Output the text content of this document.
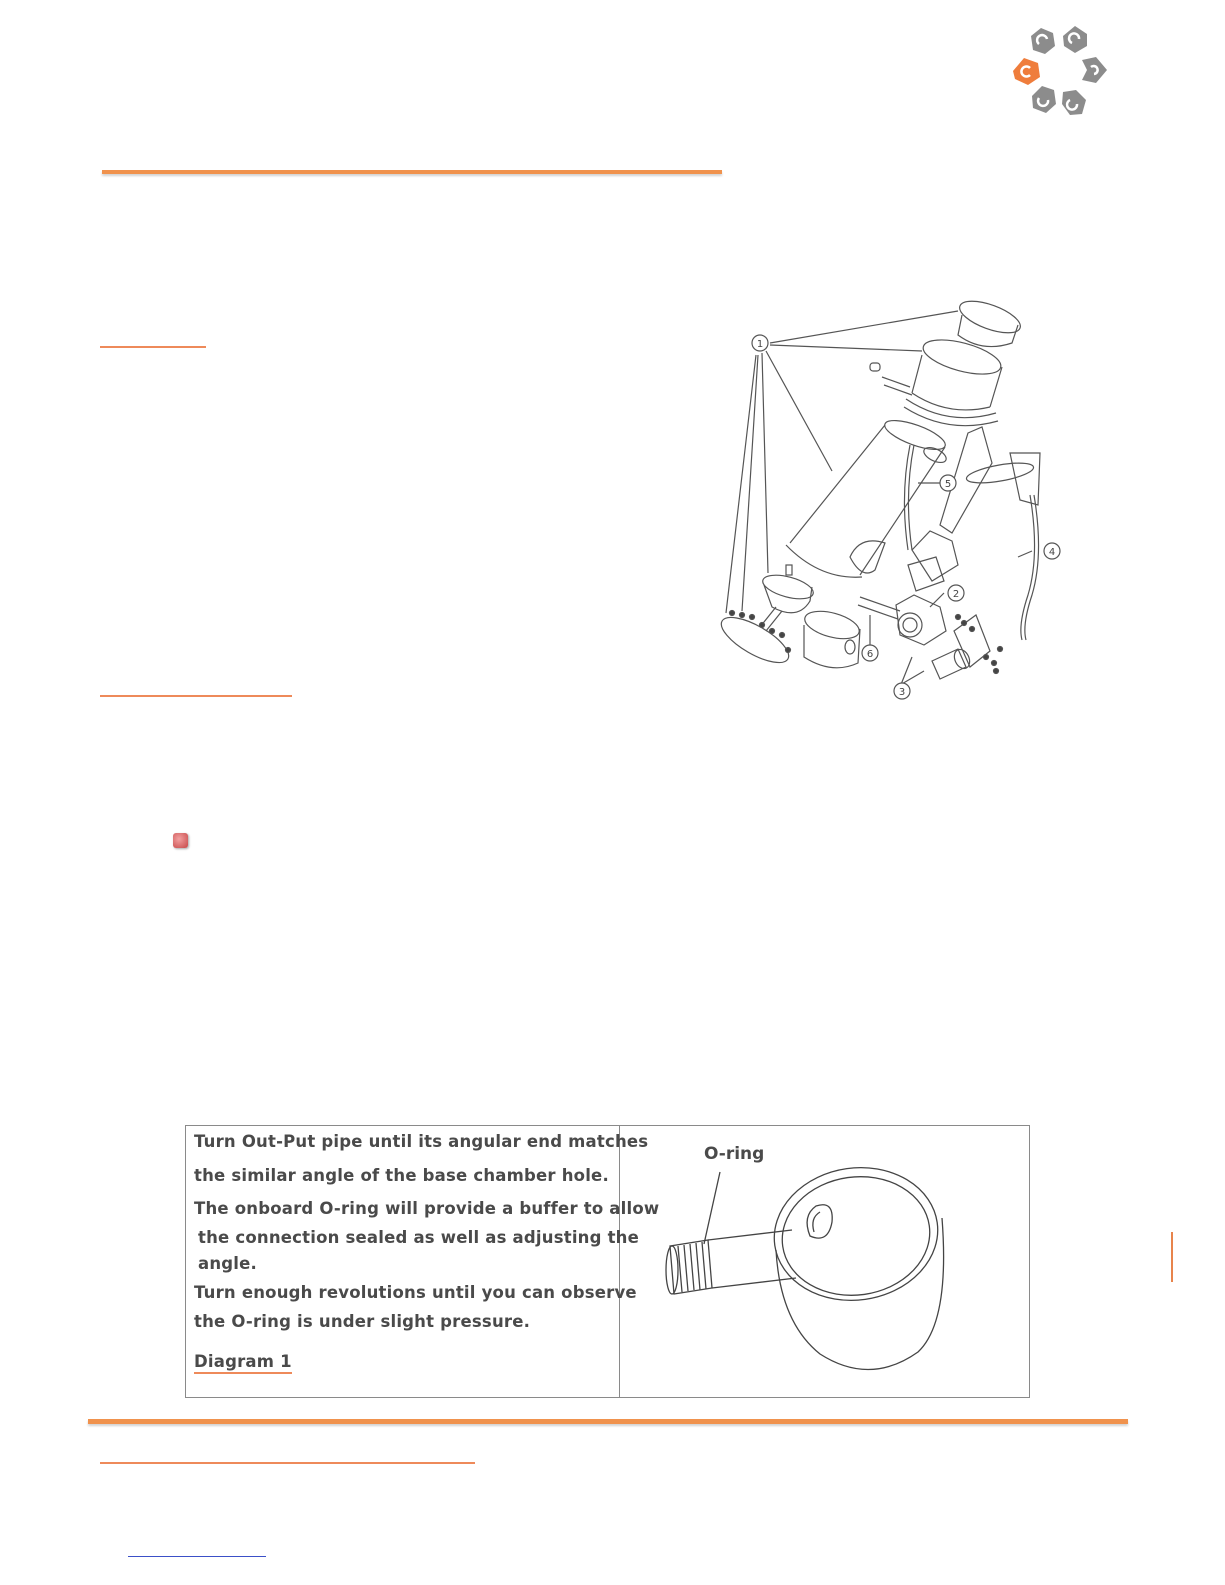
1
2
3
4
5
6
Turn Out-Put pipe until its angular end matches
the similar angle of the base chamber hole.
The onboard O-ring will provide a buffer to allow
the connection sealed as well as adjusting the
angle.
Turn enough revolutions until you can observe
the O-ring is under slight pressure.
Diagram 1
O-ring
